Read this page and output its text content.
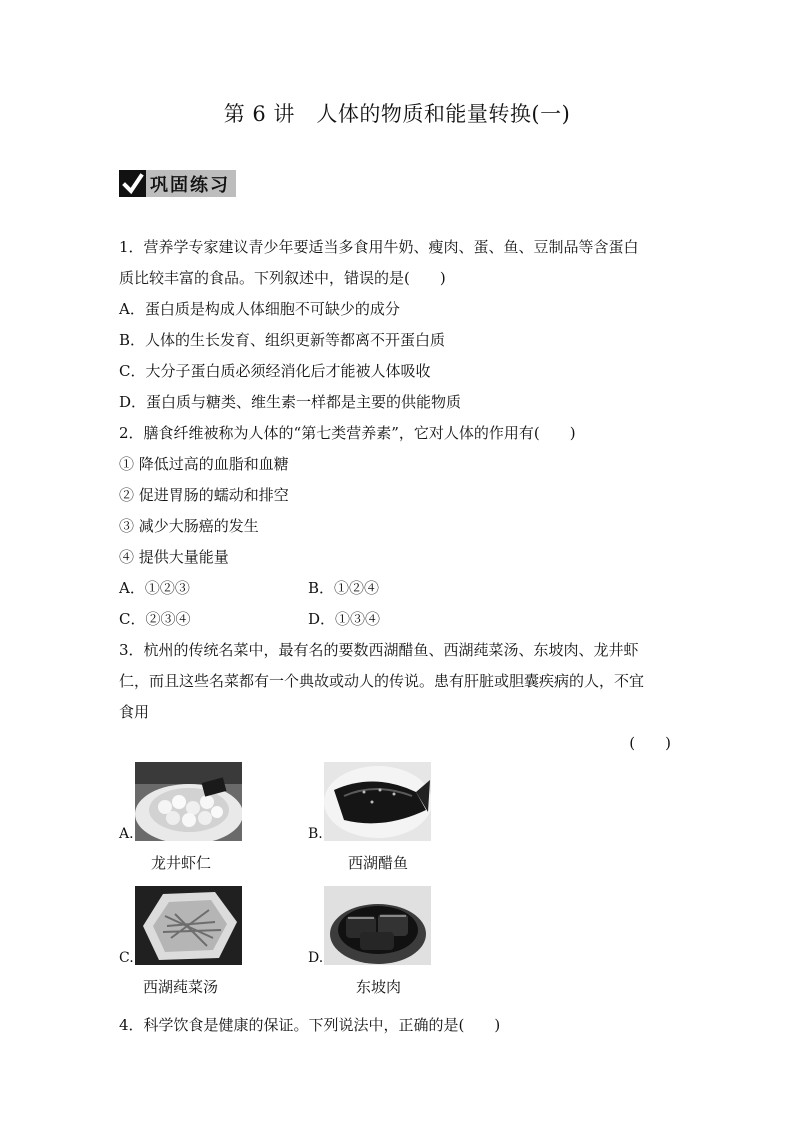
第 6 讲　人体的物质和能量转换(一)
巩固练习
1．营养学专家建议青少年要适当多食用牛奶、瘦肉、蛋、鱼、豆制品等含蛋白
质比较丰富的食品。下列叙述中，错误的是(　　)
A．蛋白质是构成人体细胞不可缺少的成分
B．人体的生长发育、组织更新等都离不开蛋白质
C．大分子蛋白质必须经消化后才能被人体吸收
D．蛋白质与糖类、维生素一样都是主要的供能物质
2．膳食纤维被称为人体的“第七类营养素”，它对人体的作用有(　　)
① 降低过高的血脂和血糖
② 促进胃肠的蠕动和排空
③ 减少大肠癌的发生
④ 提供大量能量
A．①②③	B．①②④
C．②③④	D．①③④
3．杭州的传统名菜中，最有名的要数西湖醋鱼、西湖莼菜汤、东坡肉、龙井虾
仁，而且这些名菜都有一个典故或动人的传说。患有肝脏或胆囊疾病的人，不宜
食用
(　　)
A.
龙井虾仁
B.
西湖醋鱼
C.
西湖莼菜汤
D.
东坡肉
4．科学饮食是健康的保证。下列说法中，正确的是(　　)
